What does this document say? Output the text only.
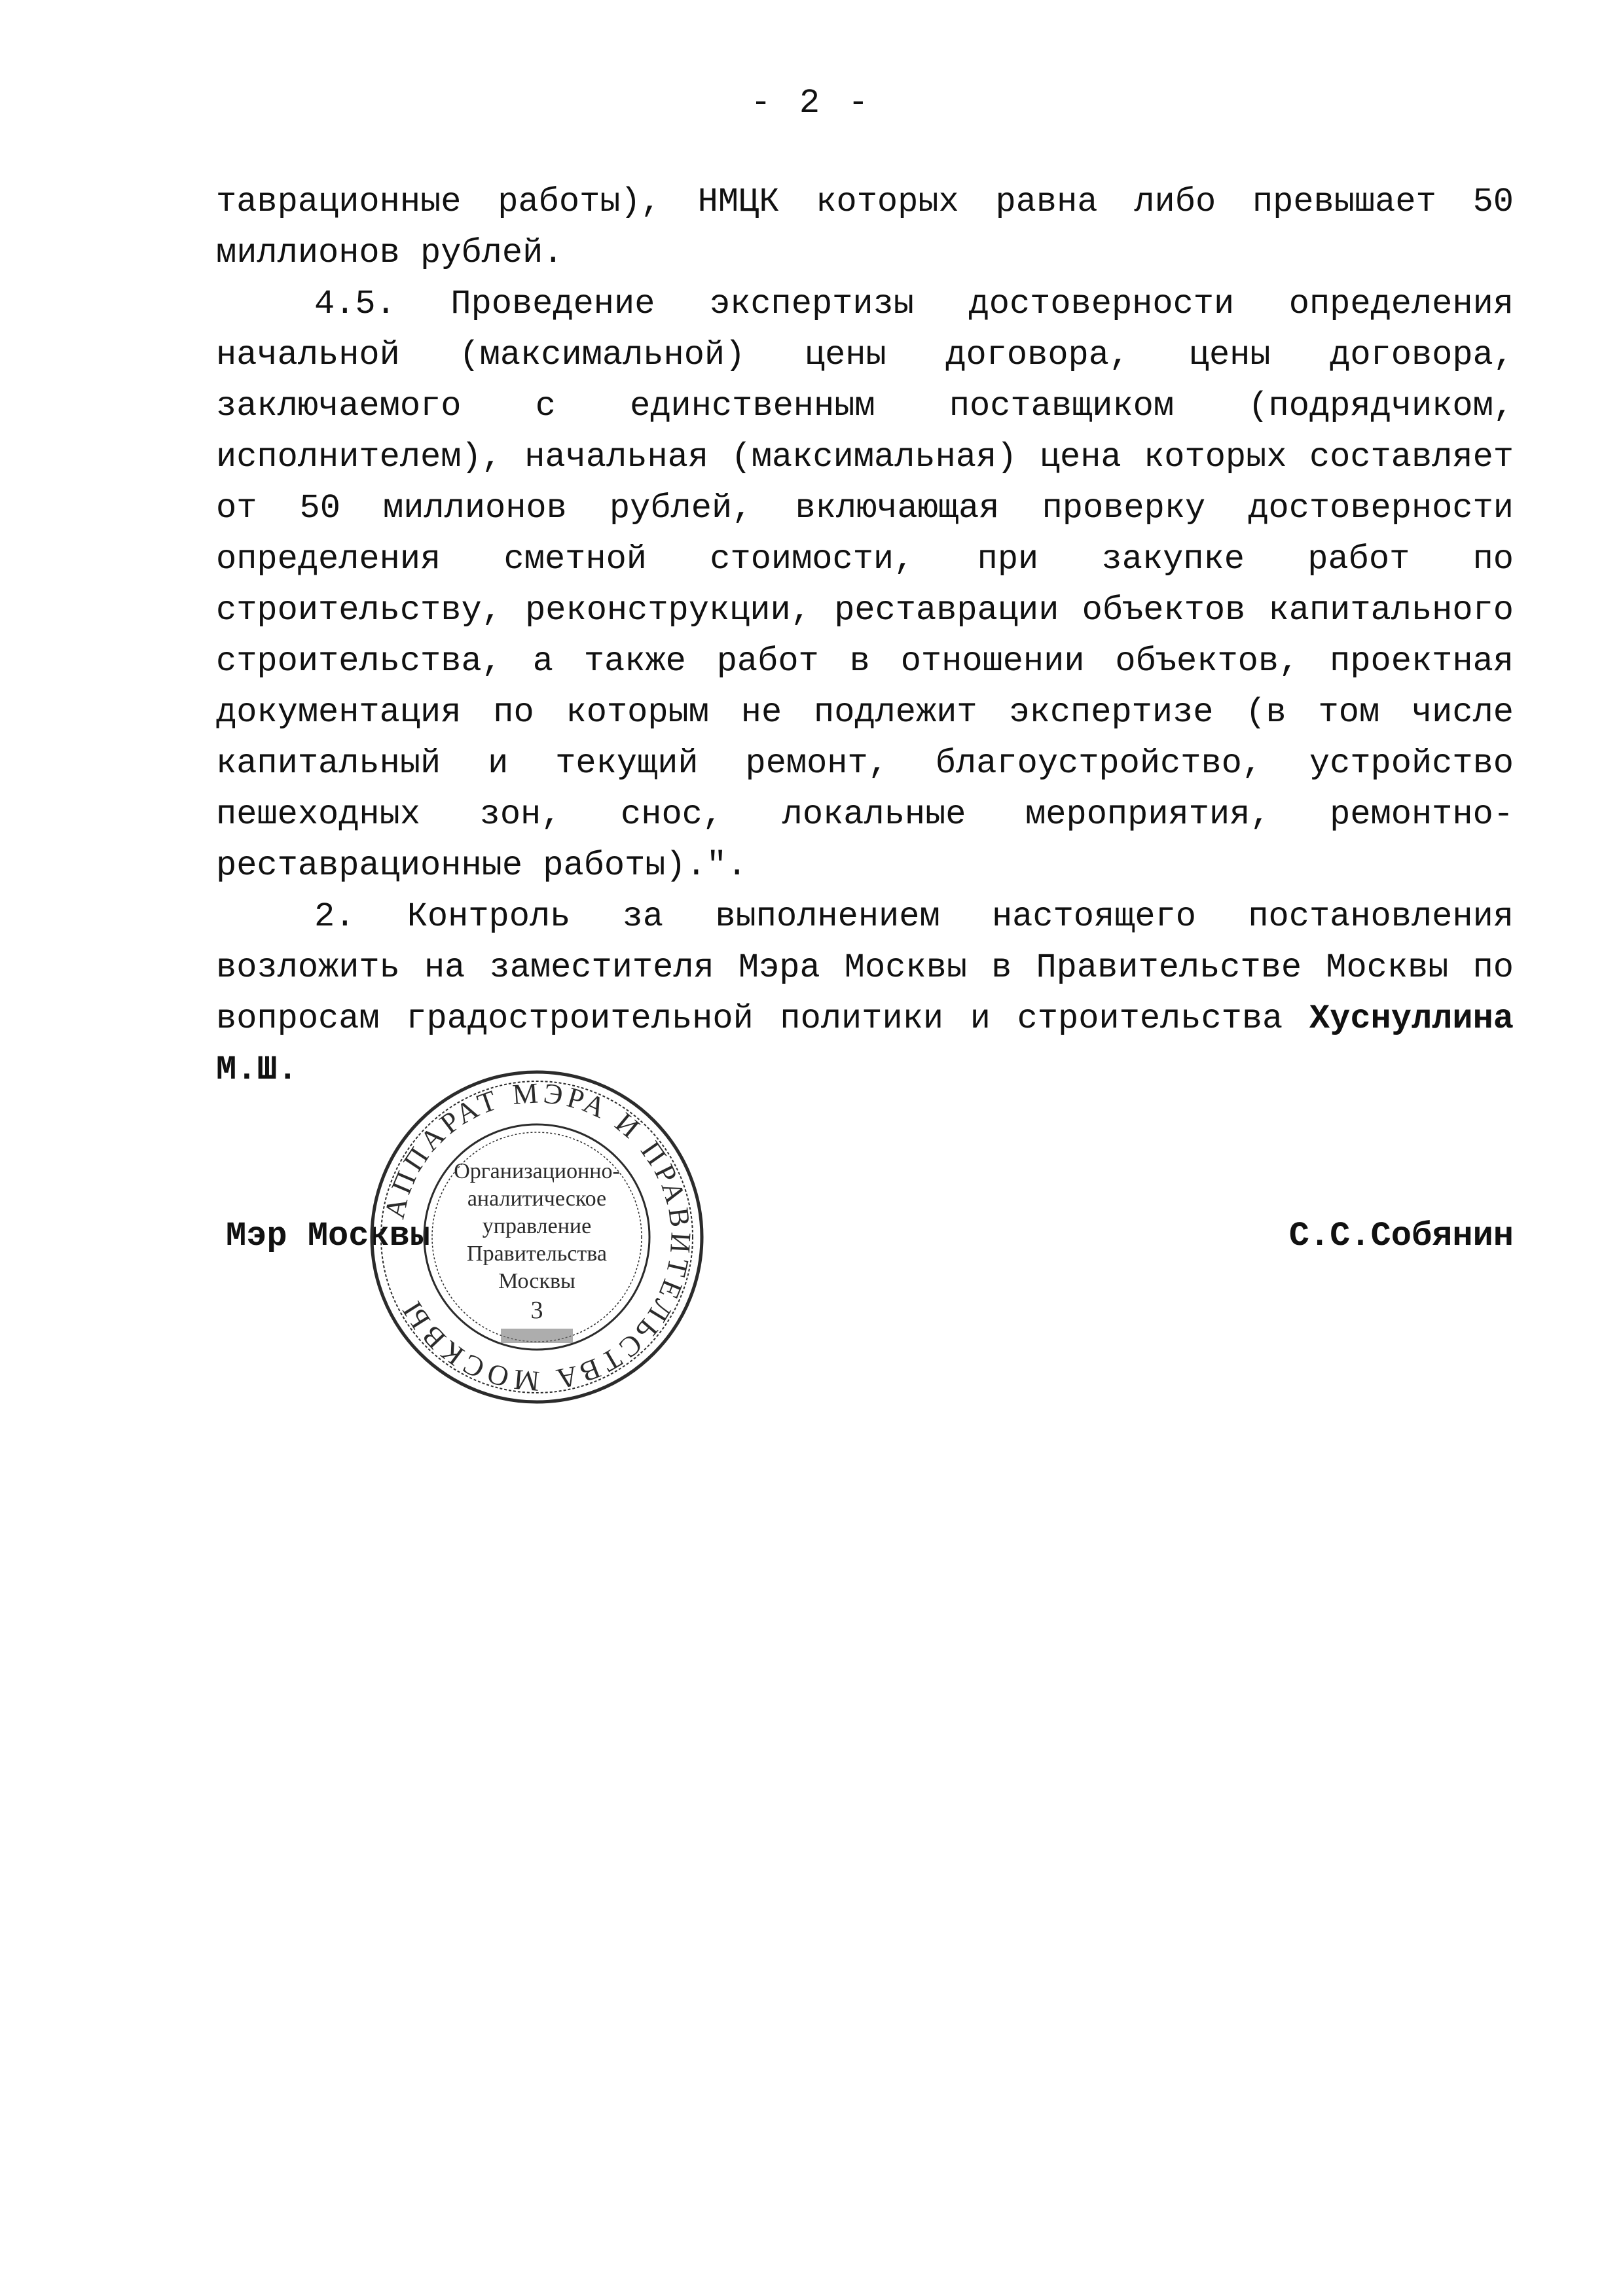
- 2 -

таврационные работы), НМЦК которых равна либо превышает 50 миллионов рублей.

4.5. Проведение экспертизы достоверности определения начальной (максимальной) цены договора, цены договора, заключаемого с единственным поставщиком (подрядчиком, исполнителем), начальная (максимальная) цена которых составляет от 50 миллионов рублей, включающая проверку достоверности определения сметной стоимости, при закупке работ по строительству, реконструкции, реставрации объектов капитального строительства, а также работ в отношении объектов, проектная документация по которым не подлежит экспертизе (в том числе капитальный и текущий ремонт, благоустройство, устройство пешеходных зон, снос, локальные мероприятия, ремонтно-реставрационные работы).".

2. Контроль за выполнением настоящего постановления возложить на заместителя Мэра Москвы в Правительстве Москвы по вопросам градостроительной политики и строительства Хуснуллина М.Ш.

Мэр Москвы	С.С.Собянин
АППАРАТ МЭРА И ПРАВИТЕЛЬСТВА МОСКВЫ
Организационно-
аналитическое
управление
Правительства
Москвы
3
